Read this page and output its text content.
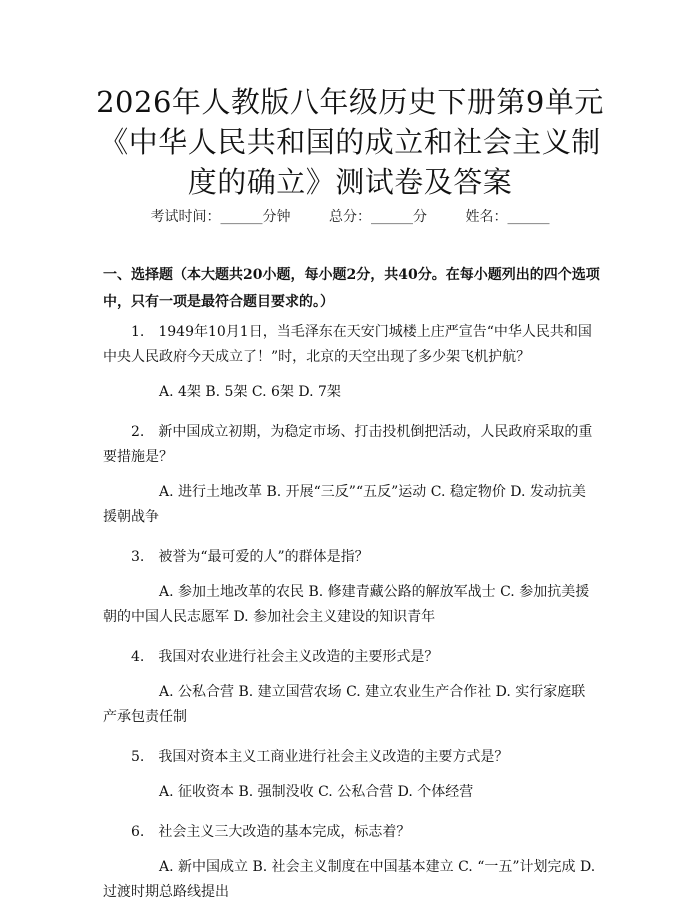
2026年人教版八年级历史下册第9单元《中华人民共和国的成立和社会主义制度的确立》测试卷及答案
考试时间：______分钟	总分：______分	姓名：______
一、选择题（本大题共20小题，每小题2分，共40分。在每小题列出的四个选项中，只有一项是最符合题目要求的。）

1. 1949年10月1日，当毛泽东在天安门城楼上庄严宣告“中华人民共和国中央人民政府今天成立了！”时，北京的天空出现了多少架飞机护航？

A. 4架 B. 5架 C. 6架 D. 7架

2. 新中国成立初期，为稳定市场、打击投机倒把活动，人民政府采取的重要措施是？

A. 进行土地改革 B. 开展“三反”“五反”运动 C. 稳定物价 D. 发动抗美援朝战争

3. 被誉为“最可爱的人”的群体是指？

A. 参加土地改革的农民 B. 修建青藏公路的解放军战士 C. 参加抗美援朝的中国人民志愿军 D. 参加社会主义建设的知识青年

4. 我国对农业进行社会主义改造的主要形式是？

A. 公私合营 B. 建立国营农场 C. 建立农业生产合作社 D. 实行家庭联产承包责任制

5. 我国对资本主义工商业进行社会主义改造的主要方式是？

A. 征收资本 B. 强制没收 C. 公私合营 D. 个体经营

6. 社会主义三大改造的基本完成，标志着？

A. 新中国成立 B. 社会主义制度在中国基本建立 C. “一五”计划完成 D. 过渡时期总路线提出
